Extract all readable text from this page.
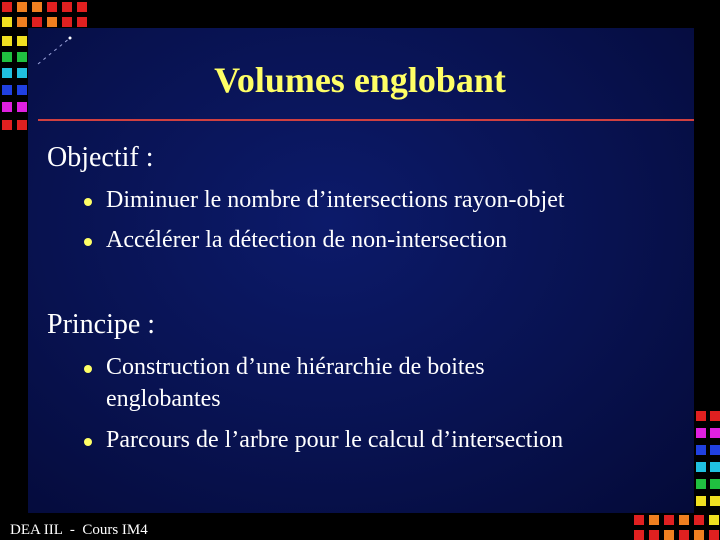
Volumes englobant
Objectif :
Diminuer le nombre d’intersections rayon-objet
Accélérer la détection de non-intersection
Principe :
Construction d’une hiérarchie de boites englobantes
Parcours de l’arbre pour le calcul d’intersection
DEA IIL  -  Cours IM4
